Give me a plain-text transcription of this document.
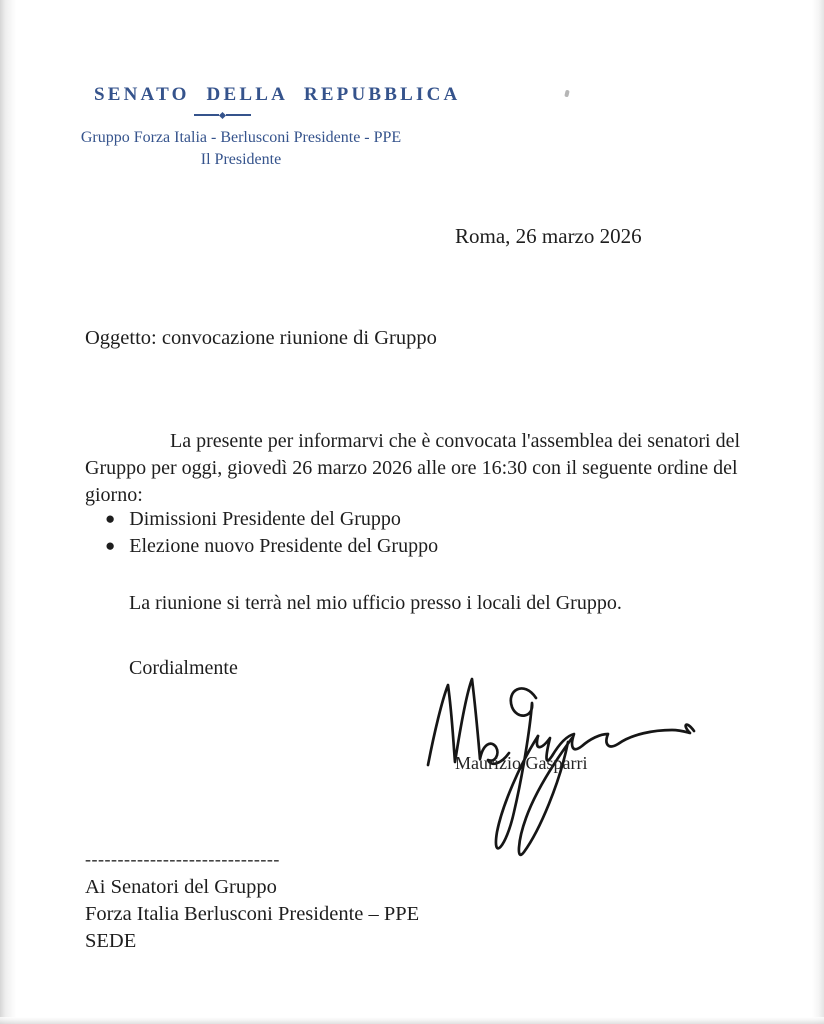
SENATO DELLA REPUBBLICA
Gruppo Forza Italia - Berlusconi Presidente - PPE
Il Presidente
Roma, 26 marzo 2026
Oggetto: convocazione riunione di Gruppo
La presente per informarvi che è convocata l'assemblea dei senatori del
Gruppo per oggi, giovedì 26 marzo 2026 alle ore 16:30 con il seguente ordine del
giorno:
● Dimissioni Presidente del Gruppo
● Elezione nuovo Presidente del Gruppo
La riunione si terrà nel mio ufficio presso i locali del Gruppo.
Cordialmente
Maurizio Gasparri
------------------------------
Ai Senatori del Gruppo
Forza Italia Berlusconi Presidente – PPE
SEDE
